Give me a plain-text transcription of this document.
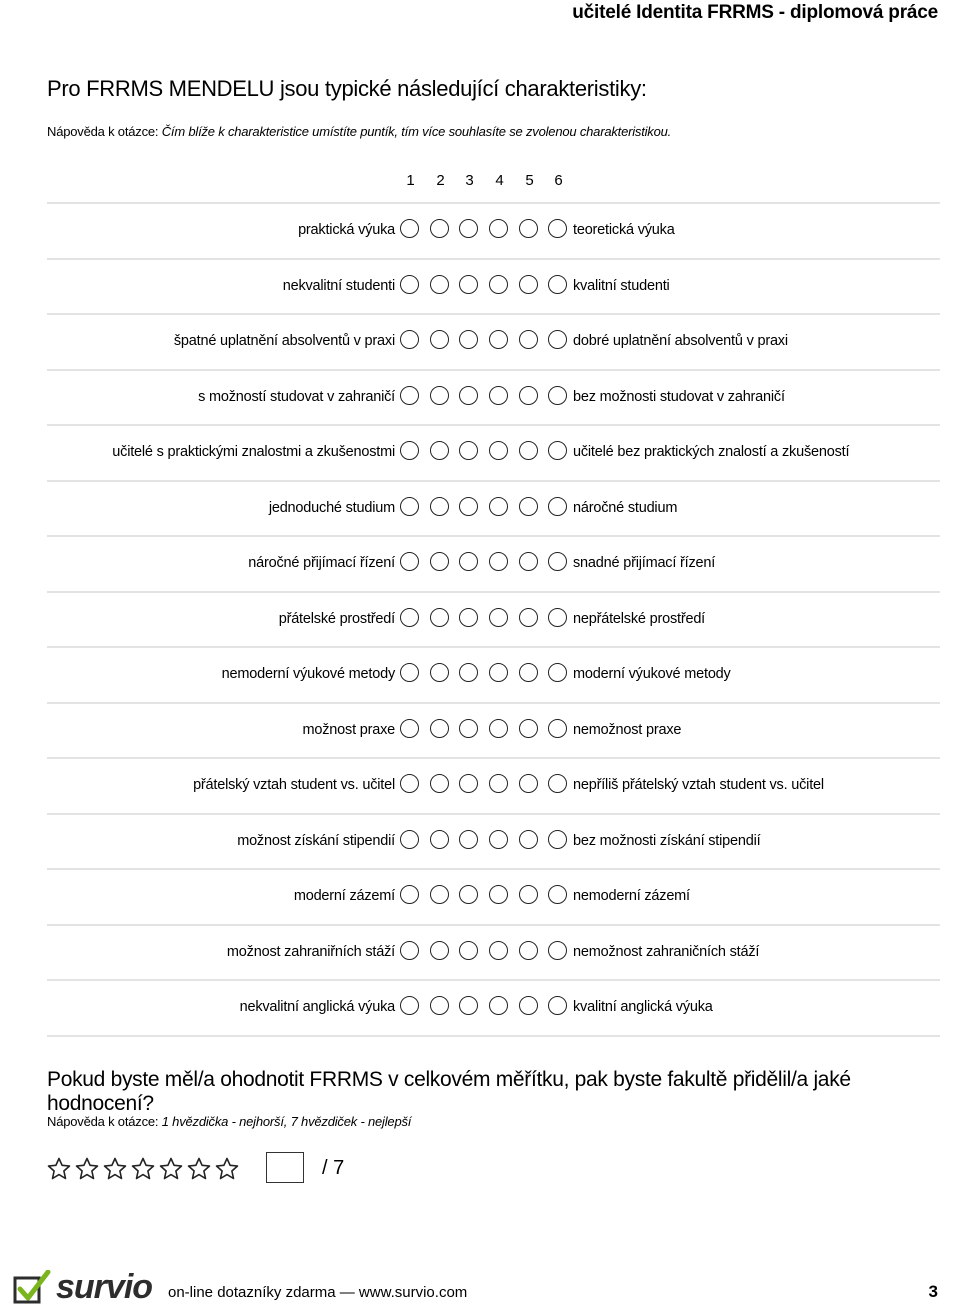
učitelé Identita FRRMS - diplomová práce
Pro FRRMS MENDELU jsou typické následující charakteristiky:
Nápověda k otázce: Čím blíže k charakteristice umístíte puntík, tím více souhlasíte se zvolenou charakteristikou.
1	2	3	4	5	6
praktická výuka	teoretická výuka
nekvalitní studenti	kvalitní studenti
špatné uplatnění absolventů v praxi	dobré uplatnění absolventů v praxi
s možností studovat v zahraničí	bez možnosti studovat v zahraničí
učitelé s praktickými znalostmi a zkušenostmi	učitelé bez praktických znalostí a zkušeností
jednoduché studium	náročné studium
náročné přijímací řízení	snadné přijímací řízení
přátelské prostředí	nepřátelské prostředí
nemoderní výukové metody	moderní výukové metody
možnost praxe	nemožnost praxe
přátelský vztah student vs. učitel	nepříliš přátelský vztah student vs. učitel
možnost získání stipendií	bez možnosti získání stipendií
moderní zázemí	nemoderní zázemí
možnost zahraniřních stáží	nemožnost zahraničních stáží
nekvalitní anglická výuka	kvalitní anglická výuka
Pokud byste měl/a ohodnotit FRRMS v celkovém měřítku, pak byste fakultě přidělil/a jaké hodnocení?
Nápověda k otázce: 1 hvězdička - nejhorší, 7 hvězdiček - nejlepší
/ 7
survio on-line dotazníky zdarma — www.survio.com	3
